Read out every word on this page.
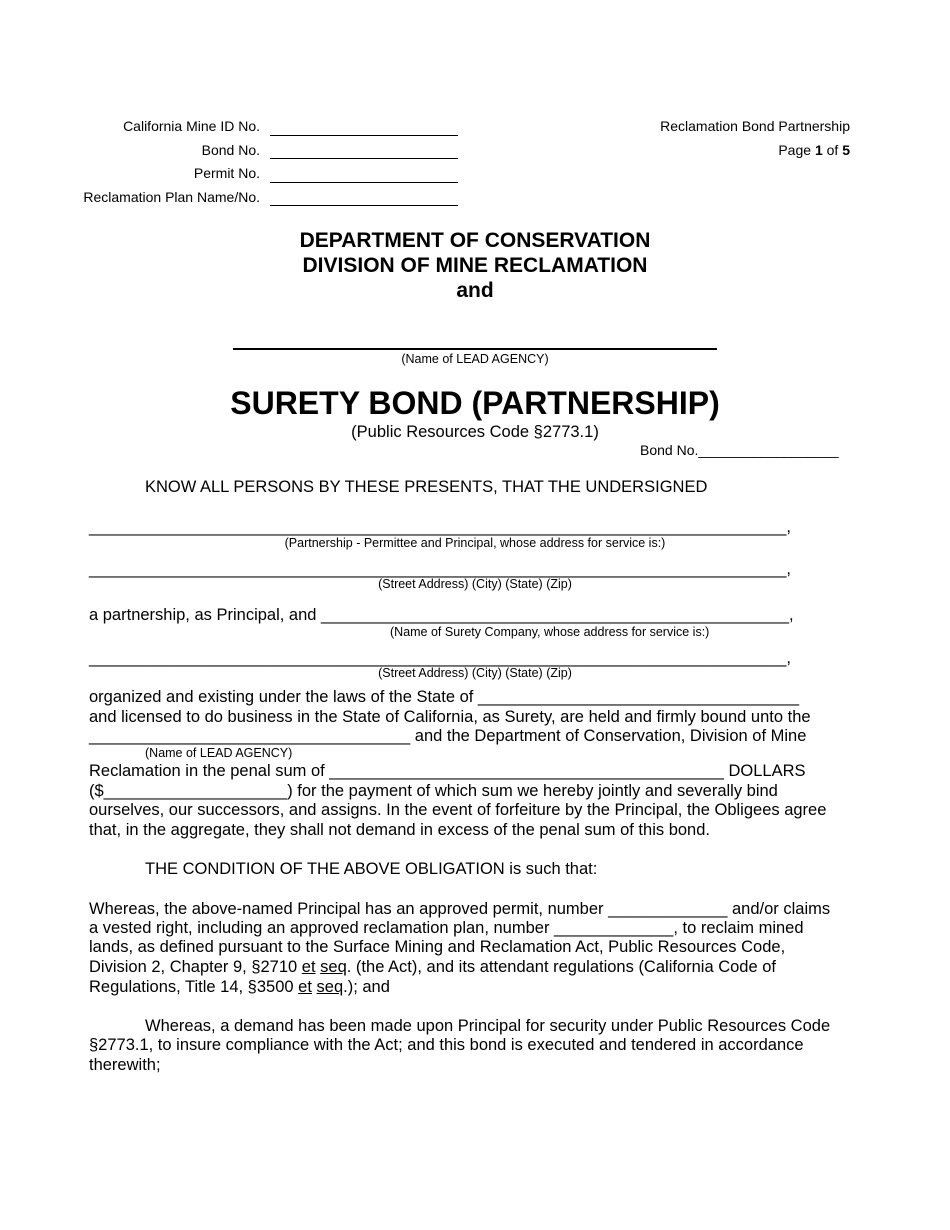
California Mine ID No.
Bond No.
Permit No.
Reclamation Plan Name/No.
Reclamation Bond Partnership
Page 1 of 5
DEPARTMENT OF CONSERVATION
DIVISION OF MINE RECLAMATION
and
(Name of LEAD AGENCY)
SURETY BOND (PARTNERSHIP)
(Public Resources Code §2773.1)
Bond No.__________________
KNOW ALL PERSONS BY THESE PRESENTS, THAT THE UNDERSIGNED
____________________________________________________________________________,
(Partnership - Permittee and Principal, whose address for service is:)
____________________________________________________________________________,
(Street Address) (City) (State) (Zip)
a partnership, as Principal, and ___________________________________________________,
(Name of Surety Company, whose address for service is:)
____________________________________________________________________________,
(Street Address) (City) (State) (Zip)
organized and existing under the laws of the State of ___________________________________
and licensed to do business in the State of California, as Surety, are held and firmly bound unto the
___________________________________ and the Department of Conservation, Division of Mine
(Name of LEAD AGENCY)
Reclamation in the penal sum of ___________________________________________ DOLLARS
($____________________) for the payment of which sum we hereby jointly and severally bind
ourselves, our successors, and assigns. In the event of forfeiture by the Principal, the Obligees agree
that, in the aggregate, they shall not demand in excess of the penal sum of this bond.
THE CONDITION OF THE ABOVE OBLIGATION is such that:
Whereas, the above-named Principal has an approved permit, number _____________ and/or claims
a vested right, including an approved reclamation plan, number _____________, to reclaim mined
lands, as defined pursuant to the Surface Mining and Reclamation Act, Public Resources Code,
Division 2, Chapter 9, §2710 et seq. (the Act), and its attendant regulations (California Code of
Regulations, Title 14, §3500 et seq.); and
Whereas, a demand has been made upon Principal for security under Public Resources Code
§2773.1, to insure compliance with the Act; and this bond is executed and tendered in accordance
therewith;
